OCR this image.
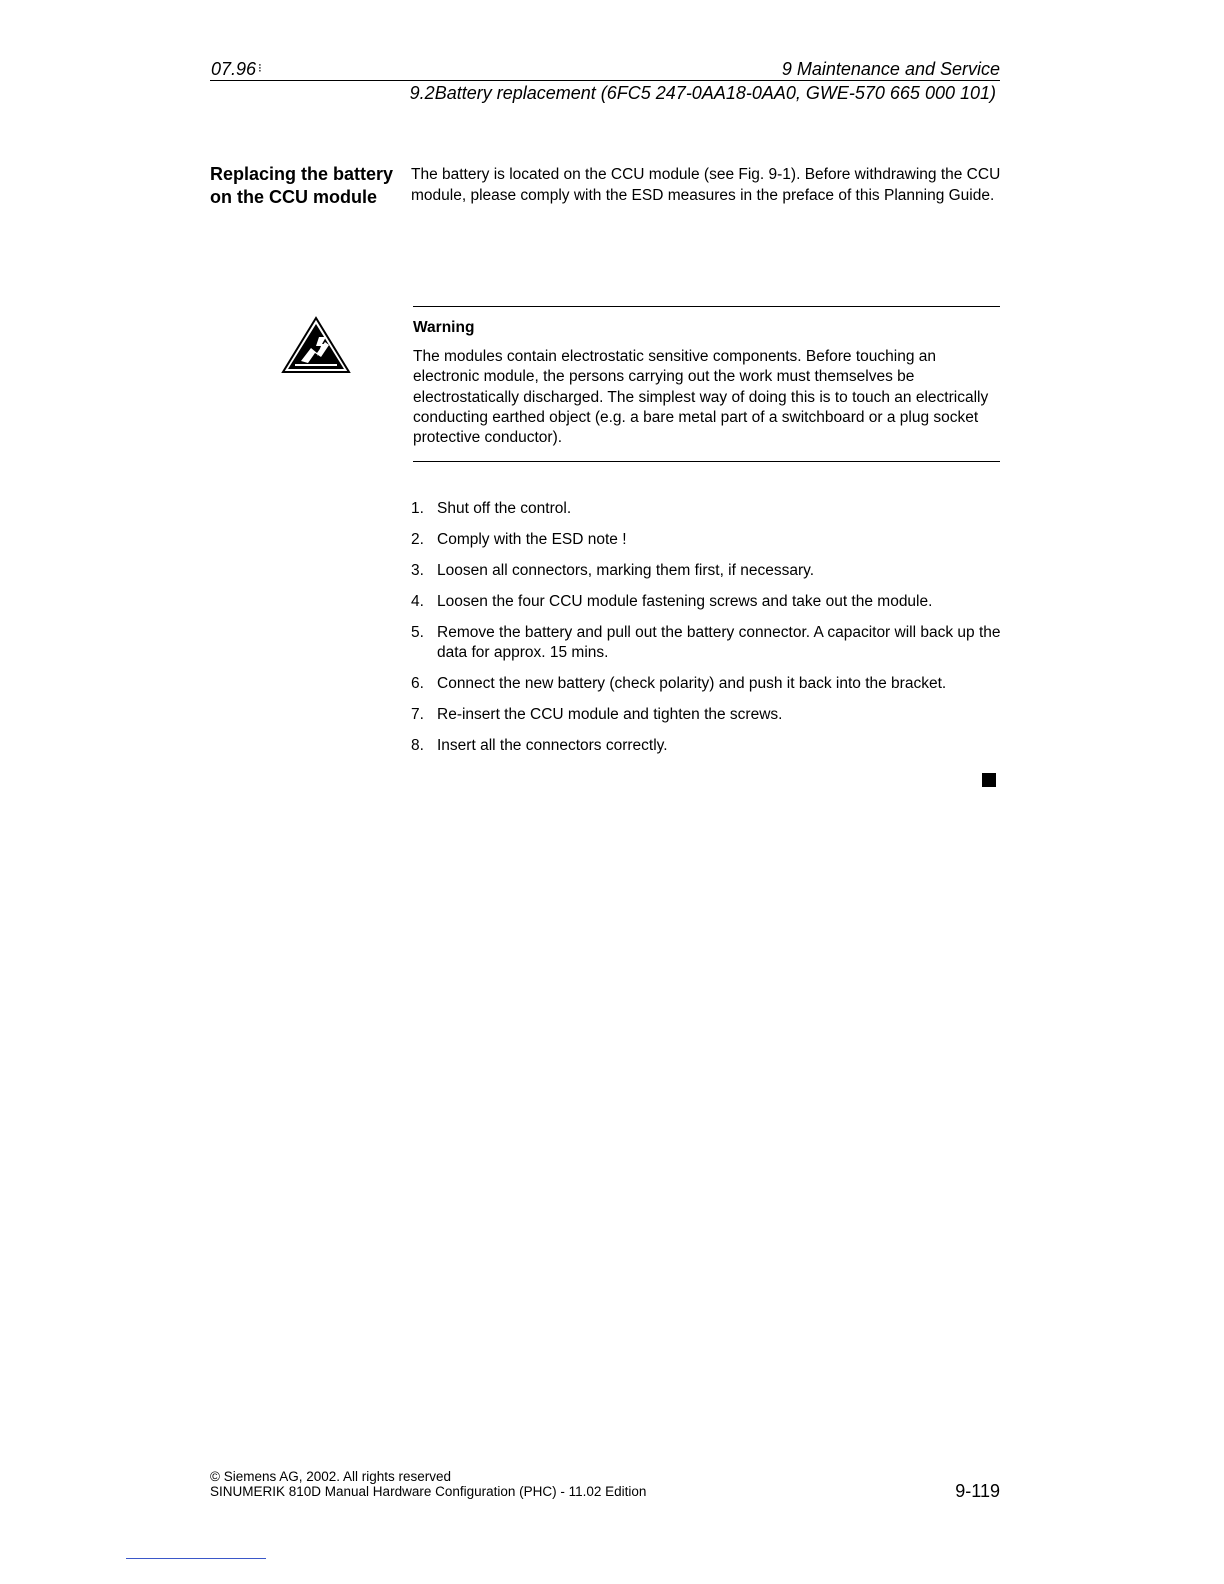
07.96 ⁝	9 Maintenance and Service
9.2Battery replacement (6FC5 247-0AA18-0AA0, GWE-570 665 000 101)
Replacing the battery on the CCU module
The battery is located on the CCU module (see Fig. 9-1). Before withdrawing the CCU module, please comply with the ESD measures in the preface of this Planning Guide.
Warning
The modules contain electrostatic sensitive components. Before touching an electronic module, the persons carrying out the work must themselves be electrostatically discharged. The simplest way of doing this is to touch an electrically conducting earthed object (e.g. a bare metal part of a switchboard or a plug socket protective conductor).
1. Shut off the control.
2. Comply with the ESD note !
3. Loosen all connectors, marking them first, if necessary.
4. Loosen the four CCU module fastening screws and take out the module.
5. Remove the battery and pull out the battery connector. A capacitor will back up the data for approx. 15 mins.
6. Connect the new battery (check polarity) and push it back into the bracket.
7. Re-insert the CCU module and tighten the screws.
8. Insert all the connectors correctly.
© Siemens AG, 2002. All rights reserved
SINUMERIK 810D Manual Hardware Configuration (PHC) - 11.02 Edition	9-119
